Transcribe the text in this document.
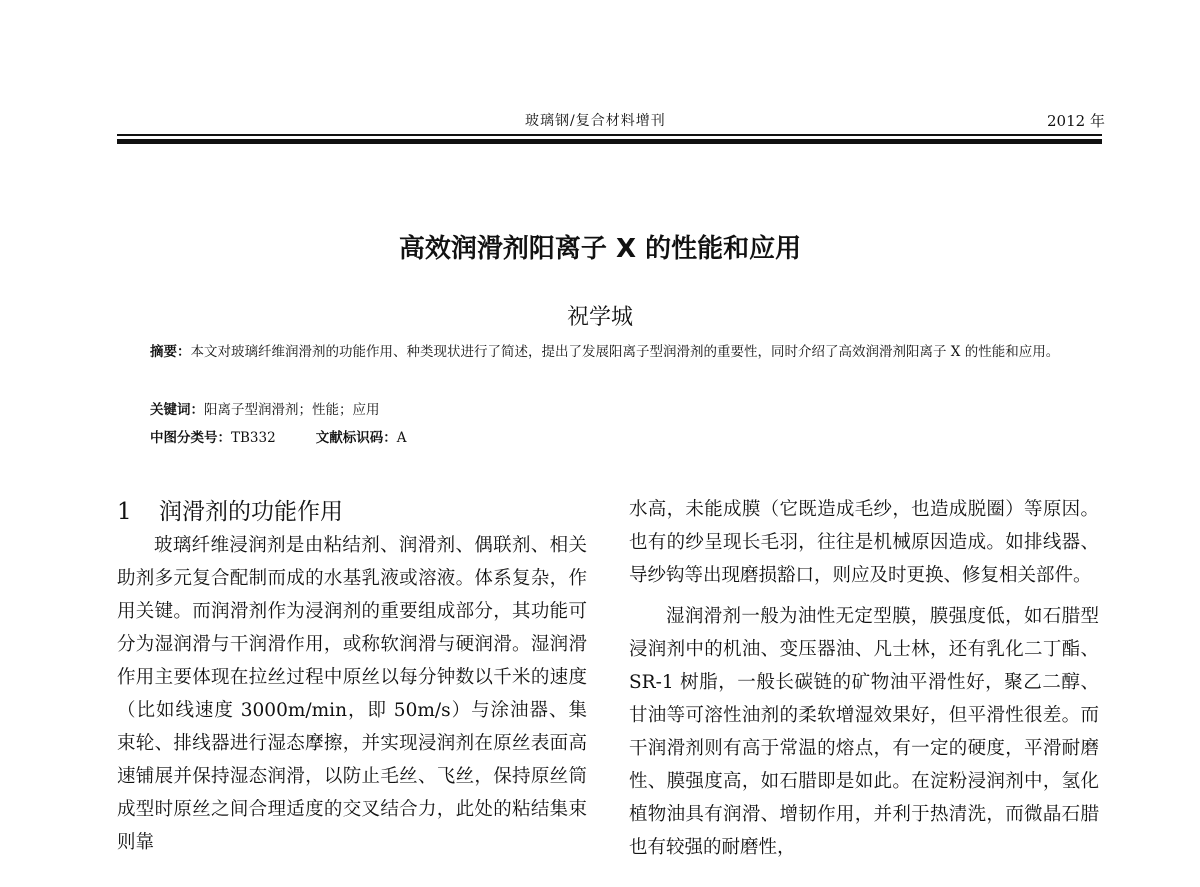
玻璃钢/复合材料增刊	2012 年
高效润滑剂阳离子 X 的性能和应用
祝学城
摘要：本文对玻璃纤维润滑剂的功能作用、种类现状进行了简述，提出了发展阳离子型润滑剂的重要性，同时介绍了高效润滑剂阳离子 X 的性能和应用。
关键词：阳离子型润滑剂；性能；应用
中图分类号：TB332	文献标识码：A
1 润滑剂的功能作用

玻璃纤维浸润剂是由粘结剂、润滑剂、偶联剂、相关助剂多元复合配制而成的水基乳液或溶液。体系复杂，作用关键。而润滑剂作为浸润剂的重要组成部分，其功能可分为湿润滑与干润滑作用，或称软润滑与硬润滑。湿润滑作用主要体现在拉丝过程中原丝以每分钟数以千米的速度（比如线速度 3000m/min，即 50m/s）与涂油器、集束轮、排线器进行湿态摩擦，并实现浸润剂在原丝表面高速铺展并保持湿态润滑，以防止毛丝、飞丝，保持原丝筒成型时原丝之间合理适度的交叉结合力，此处的粘结集束则靠

水高，未能成膜（它既造成毛纱，也造成脱圈）等原因。也有的纱呈现长毛羽，往往是机械原因造成。如排线器、导纱钩等出现磨损豁口，则应及时更换、修复相关部件。

湿润滑剂一般为油性无定型膜，膜强度低，如石腊型浸润剂中的机油、变压器油、凡士林，还有乳化二丁酯、SR-1 树脂，一般长碳链的矿物油平滑性好，聚乙二醇、甘油等可溶性油剂的柔软增湿效果好，但平滑性很差。而干润滑剂则有高于常温的熔点，有一定的硬度，平滑耐磨性、膜强度高，如石腊即是如此。在淀粉浸润剂中，氢化植物油具有润滑、增韧作用，并利于热清洗，而微晶石腊也有较强的耐磨性，
